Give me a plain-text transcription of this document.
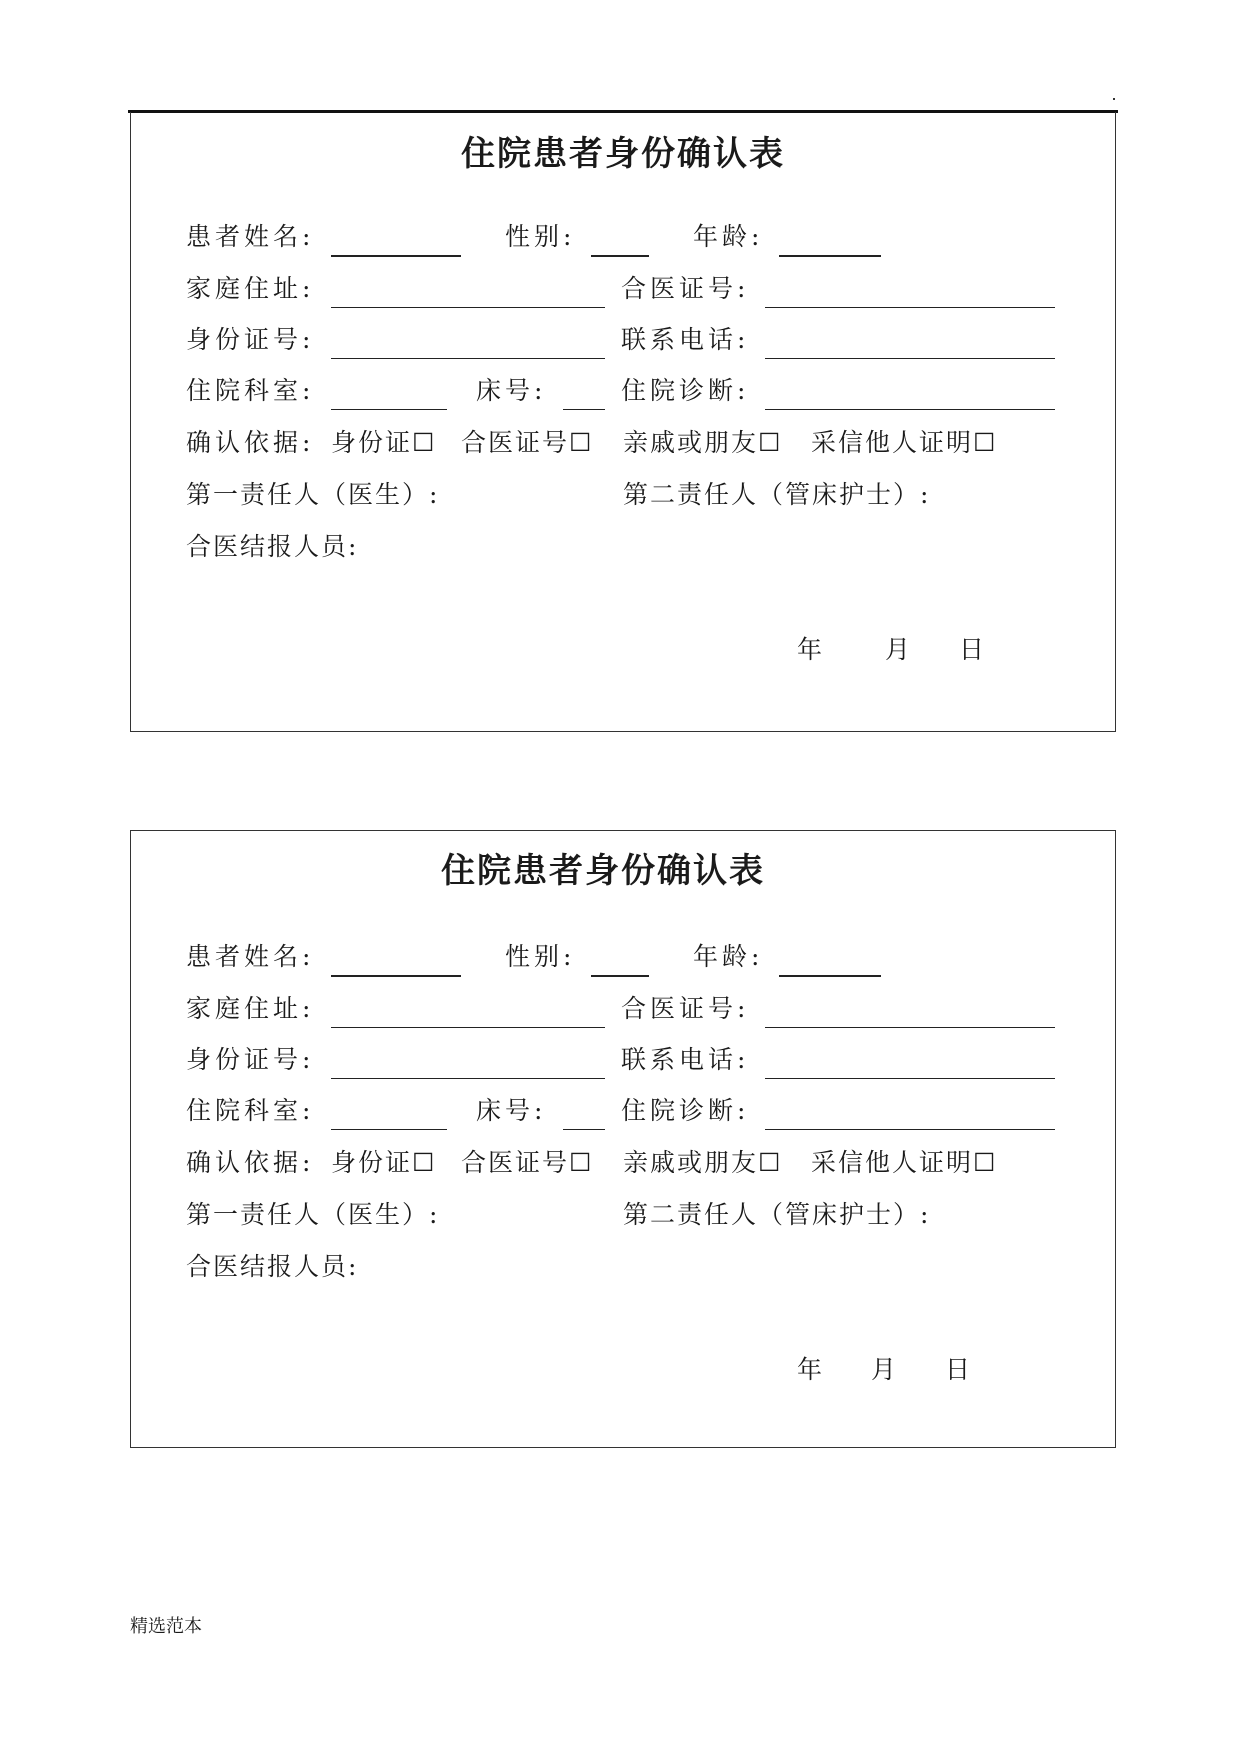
住院患者身份确认表
患者姓名:	性别:	年龄:
家庭住址:	合医证号:
身份证号:	联系电话:
住院科室:	床号:	住院诊断:
确认依据: 身份证☐ 合医证号☐ 亲戚或朋友☐ 采信他人证明☐
第一责任人（医生）:	第二责任人（管床护士）:
合医结报人员:
年 月 日
住院患者身份确认表
患者姓名:	性别:	年龄:
家庭住址:	合医证号:
身份证号:	联系电话:
住院科室:	床号:	住院诊断:
确认依据: 身份证☐ 合医证号☐ 亲戚或朋友☐ 采信他人证明☐
第一责任人（医生）:	第二责任人（管床护士）:
合医结报人员:
年 月 日
精选范本
